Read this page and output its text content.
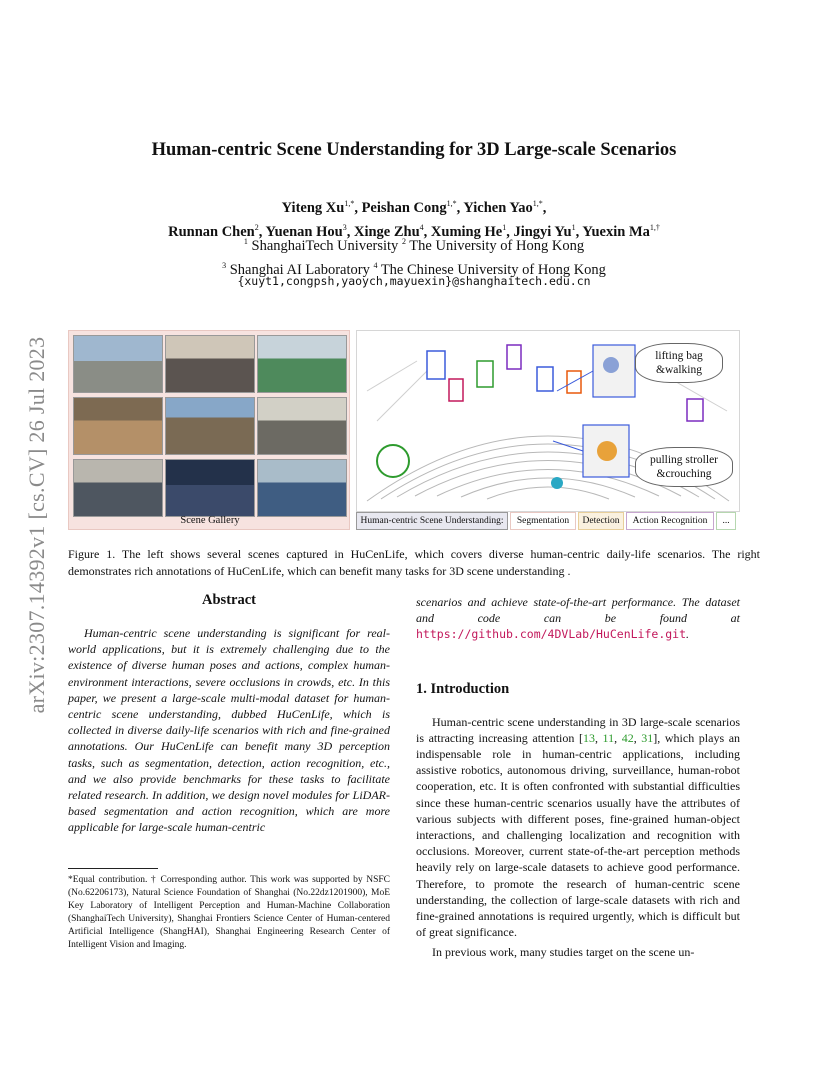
arXiv:2307.14392v1 [cs.CV] 26 Jul 2023
Human-centric Scene Understanding for 3D Large-scale Scenarios
Yiteng $Xu^{1,*}$, Peishan Cong$^{1,*}$, Yichen Yao$^{1,*}$,
Runnan Chen$^2$, Yuenan Hou$^3$, Xinge Zhu$^4$, Xuming He$^1$, Jingyi Yu$^1$, Yuexin $Ma^{1,\dagger}$
$^1$ ShanghaiTech University $^2$ The University of Hong Kong
$^3$ Shanghai AI Laboratory $^4$ The Chinese University of Hong Kong
{xuyt1,congpsh,yaoych,mayuexin}@shanghaitech.edu.cn
Scene Gallery
lifting bag &walking
pulling stroller &crouching
Human-centric Scene Understanding:	Segmentation	Detection	Action Recognition	...
Figure 1. The left shows several scenes captured in HuCenLife, which covers diverse human-centric daily-life scenarios. The right demonstrates rich annotations of HuCenLife, which can benefit many tasks for 3D scene understanding .
Abstract

Human-centric scene understanding is significant for real-world applications, but it is extremely challenging due to the existence of diverse human poses and actions, complex human-environment interactions, severe occlusions in crowds, etc. In this paper, we present a large-scale multi-modal dataset for human-centric scene understanding, dubbed HuCenLife, which is collected in diverse daily-life scenarios with rich and fine-grained annotations. Our HuCenLife can benefit many 3D perception tasks, such as segmentation, detection, action recognition, etc., and we also provide benchmarks for these tasks to facilitate related research. In addition, we design novel modules for LiDAR-based segmentation and action recognition, which are more applicable for large-scale human-centric

*Equal contribution. † Corresponding author. This work was supported by NSFC (No.62206173), Natural Science Foundation of Shanghai (No.22dz1201900), MoE Key Laboratory of Intelligent Perception and Human-Machine Collaboration (ShanghaiTech University), Shanghai Frontiers Science Center of Human-centered Artificial Intelligence (ShangHAI), Shanghai Engineering Research Center of Intelligent Vision and Imaging.

scenarios and achieve state-of-the-art performance. The dataset and code can be found at https://github.com/4DVLab/HuCenLife.git.

1. Introduction

Human-centric scene understanding in 3D large-scale scenarios is attracting increasing attention [13, 11, 42, 31], which plays an indispensable role in human-centric applications, including assistive robotics, autonomous driving, surveillance, human-robot cooperation, etc. It is often confronted with substantial difficulties since these human-centric scenarios usually have the attributes of various subjects with different poses, fine-grained human-object interactions, and challenging localization and recognition with occlusions. Moreover, current state-of-the-art perception methods heavily rely on large-scale datasets to achieve good performance. Therefore, to promote the research of human-centric scene understanding, the collection of large-scale datasets with rich and fine-grained annotations is required urgently, which is difficult but of great significance.

In previous work, many studies target on the scene un-
